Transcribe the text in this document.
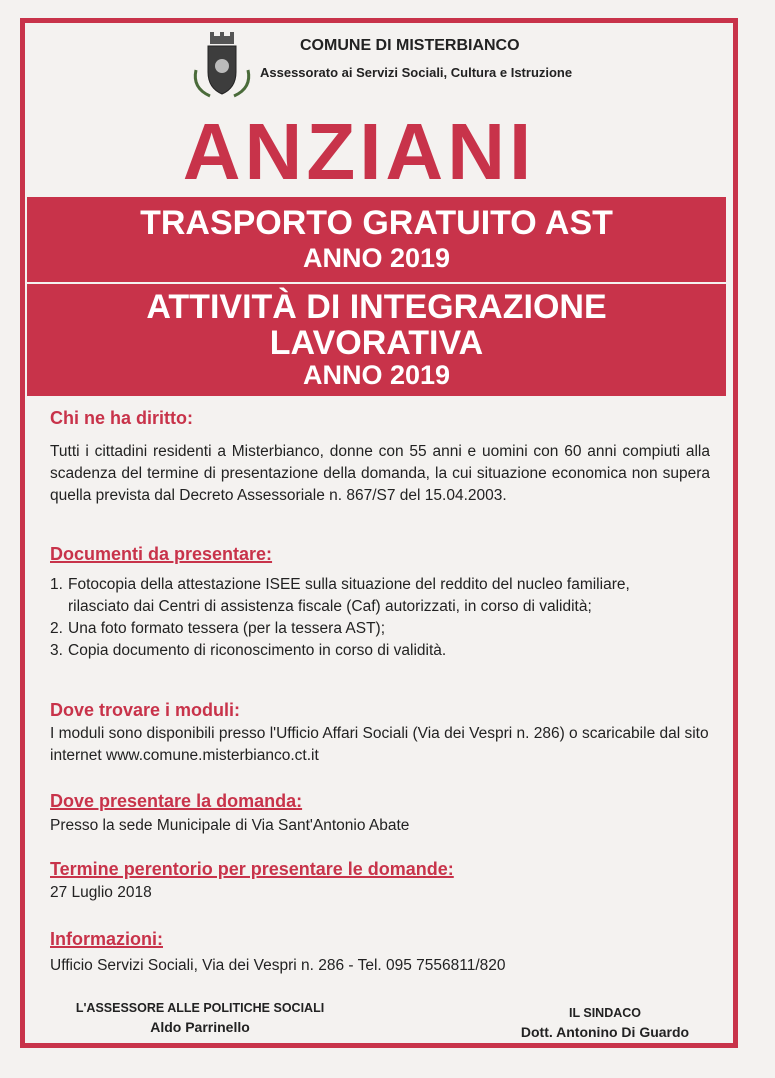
COMUNE DI MISTERBIANCO
Assessorato ai Servizi Sociali, Cultura e Istruzione
ANZIANI
TRASPORTO GRATUITO AST
ANNO 2019
ATTIVITÀ DI INTEGRAZIONE
LAVORATIVA
ANNO 2019
Chi ne ha diritto:
Tutti i cittadini residenti a Misterbianco, donne con 55 anni e uomini con 60 anni compiuti alla scadenza del termine di presentazione della domanda, la cui situazione economica non supera quella prevista dal Decreto Assessoriale n. 867/S7 del 15.04.2003.
Documenti da presentare:
1. Fotocopia della attestazione ISEE sulla situazione del reddito del nucleo familiare, rilasciato dai Centri di assistenza fiscale (Caf) autorizzati, in corso di validità;
2. Una foto formato tessera (per la tessera AST);
3. Copia documento di riconoscimento in corso di validità.
Dove trovare i moduli:
I moduli sono disponibili presso l'Ufficio Affari Sociali (Via dei Vespri n. 286) o scaricabile dal sito internet www.comune.misterbianco.ct.it
Dove presentare la domanda:
Presso la sede Municipale di Via Sant'Antonio Abate
Termine perentorio per presentare le domande:
27 Luglio 2018
Informazioni:
Ufficio Servizi Sociali, Via dei Vespri n. 286 - Tel. 095 7556811/820
L'ASSESSORE ALLE POLITICHE SOCIALI
Aldo Parrinello
IL SINDACO
Dott. Antonino Di Guardo
